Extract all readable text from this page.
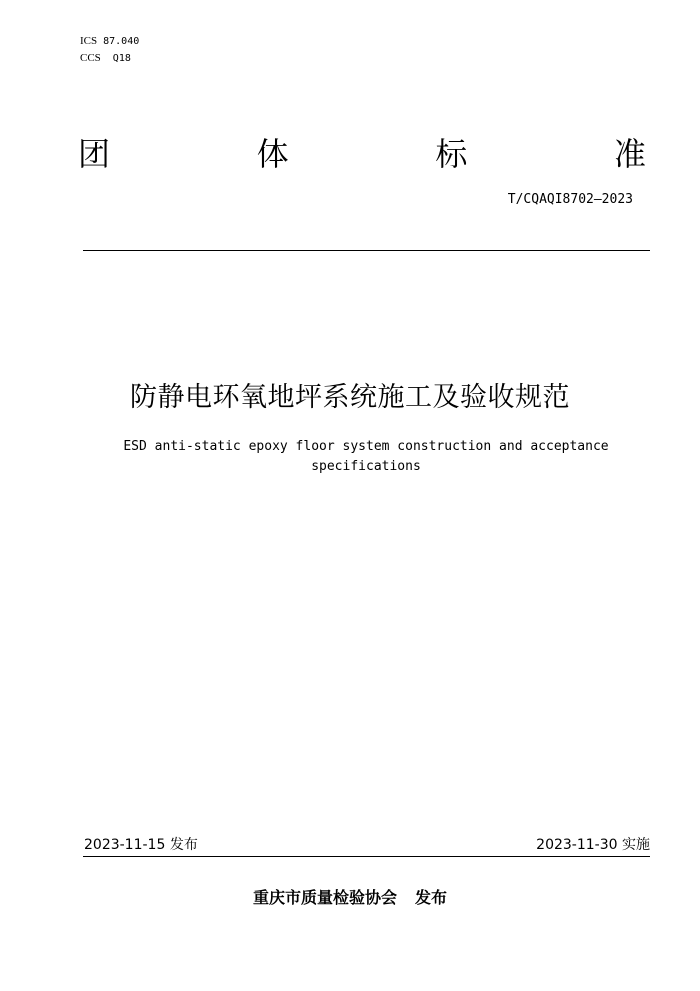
ICS 87.040
CCS Q18
团	体	标	准
T/CQAQI8702—2023
防静电环氧地坪系统施工及验收规范
ESD anti-static epoxy floor system construction and acceptance specifications
2023-11-15 发布	2023-11-30 实施
重庆市质量检验协会 发布
